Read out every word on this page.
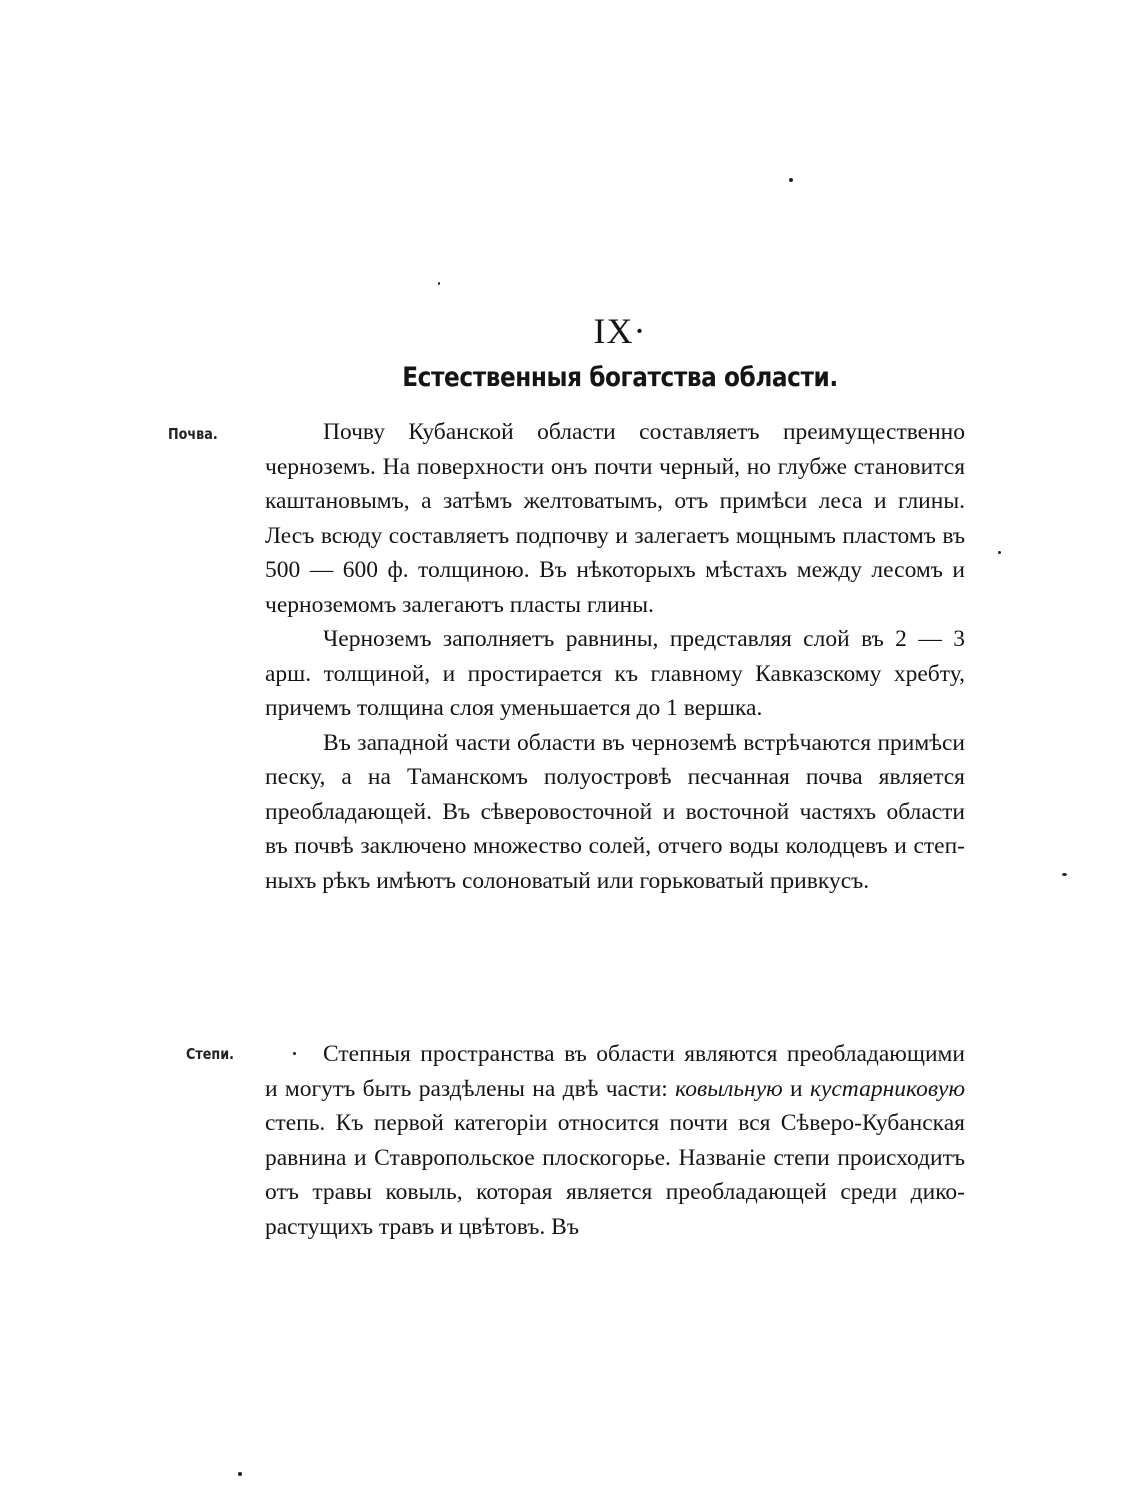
IX·
Естественныя богатства области.
Почва.	Почву Кубанской области составляетъ преимущественно черноземъ. На поверхности онъ почти черный, но глубже становится каштановымъ, а затѣмъ желтоватымъ, отъ примѣси леса и глины. Лесъ всюду составляетъ подпочву и залегаетъ мощнымъ пластомъ въ 500 — 600 ф. толщиною. Въ нѣкоторыхъ мѣстахъ между лесомъ и черноземомъ залегаютъ пласты глины.

Черноземъ заполняетъ равнины, представляя слой въ 2 — 3 арш. толщиной, и простирается къ главному Кавказскому хребту, причемъ толщина слоя уменьшается до 1 вершка.

Въ западной части области въ черноземѣ встрѣчаются примѣси песку, а на Таманскомъ полуостровѣ песчанная почва является преобладающей. Въ сѣверовосточной и восточной частяхъ области въ почвѣ заключено множество солей, отчего воды колодцевъ и степныхъ рѣкъ имѣютъ солоноватый или горьковатый привкусъ.

Степи.	Степныя пространства въ области являются преобладающими и могутъ быть раздѣлены на двѣ части: ковыльную и кустарниковую степь. Къ первой категоріи относится почти вся Сѣверо-Кубанская равнина и Ставропольское плоскогорье. Названіе степи происходитъ отъ травы ковыль, которая является преобладающей среди дико-растущихъ травъ и цвѣтовъ. Въ
